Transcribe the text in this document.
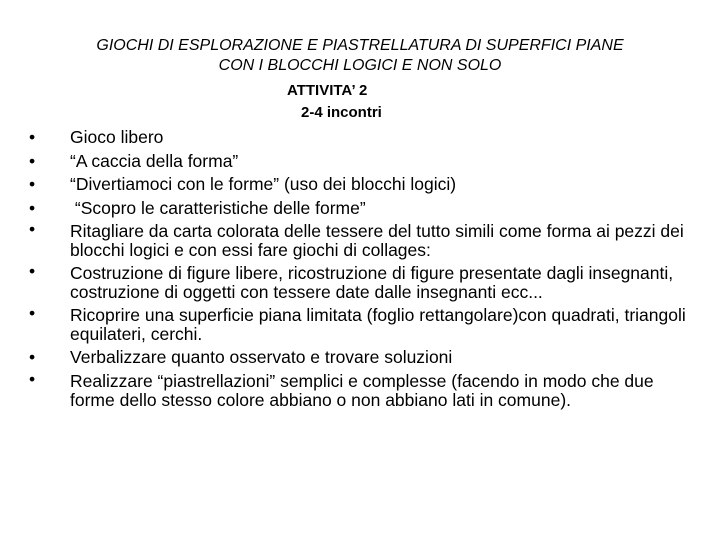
GIOCHI DI ESPLORAZIONE E PIASTRELLATURA DI SUPERFICI PIANE
CON I BLOCCHI LOGICI E NON SOLO
ATTIVITA’ 2
2-4 incontri
• Gioco libero
• “A caccia della forma”
• “Divertiamoci con le forme” (uso dei blocchi logici)
• “Scopro le caratteristiche delle forme”
• Ritagliare da carta colorata delle tessere del tutto simili come forma ai pezzi dei blocchi logici e con essi fare giochi di collages:
• Costruzione di figure libere, ricostruzione di figure presentate dagli insegnanti, costruzione di oggetti con tessere date dalle insegnanti ecc...
• Ricoprire una superficie piana limitata (foglio rettangolare)con quadrati, triangoli equilateri, cerchi.
• Verbalizzare quanto osservato e trovare soluzioni
• Realizzare “piastrellazioni” semplici e complesse (facendo in modo che due forme dello stesso colore abbiano o non abbiano lati in comune).
